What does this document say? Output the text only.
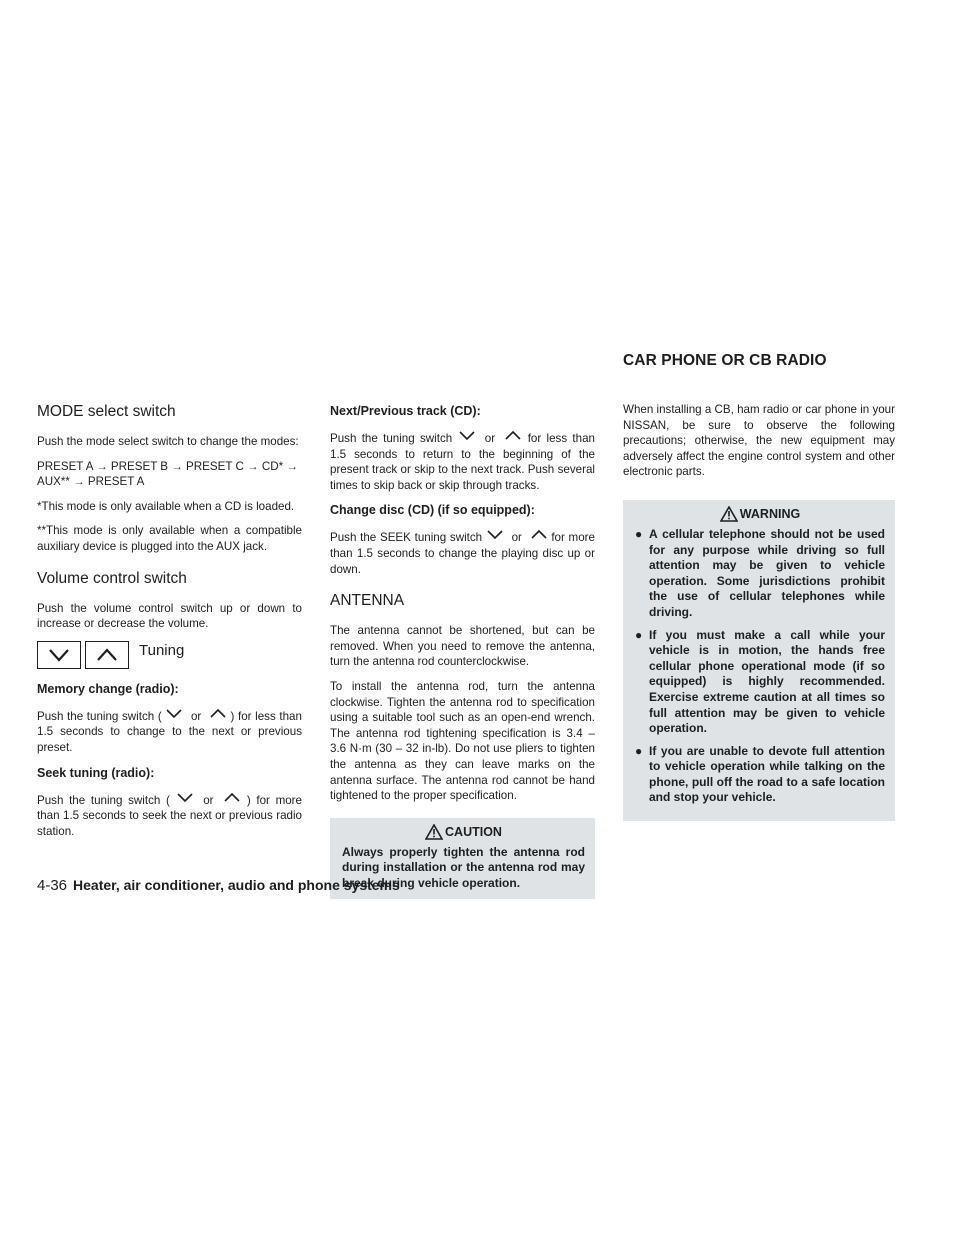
CAR PHONE OR CB RADIO
MODE select switch

Push the mode select switch to change the modes:

PRESET A → PRESET B → PRESET C → CD* → AUX** → PRESET A

*This mode is only available when a CD is loaded.

**This mode is only available when a compatible auxiliary device is plugged into the AUX jack.

Volume control switch

Push the volume control switch up or down to increase or decrease the volume.

Tuning
Memory change (radio):

Push the tuning switch (	or	) for less than 1.5 seconds to change to the next or previous preset.

Seek tuning (radio):

Push the tuning switch (	or	) for more than 1.5 seconds to seek the next or previous radio station.

Next/Previous track (CD):

Push the tuning switch	or	for less than 1.5 seconds to return to the beginning of the present track or skip to the next track. Push several times to skip back or skip through tracks.

Change disc (CD) (if so equipped):

Push the SEEK tuning switch	or	for more than 1.5 seconds to change the playing disc up or down.

ANTENNA

The antenna cannot be shortened, but can be removed. When you need to remove the antenna, turn the antenna rod counterclockwise.

To install the antenna rod, turn the antenna clockwise. Tighten the antenna rod to specification using a suitable tool such as an open-end wrench. The antenna rod tightening specification is 3.4 – 3.6 N·m (30 – 32 in-lb). Do not use pliers to tighten the antenna as they can leave marks on the antenna surface. The antenna rod cannot be hand tightened to the proper specification.

CAUTION

Always properly tighten the antenna rod during installation or the antenna rod may break during vehicle operation.

When installing a CB, ham radio or car phone in your NISSAN, be sure to observe the following precautions; otherwise, the new equipment may adversely affect the engine control system and other electronic parts.

WARNING
● A cellular telephone should not be used for any purpose while driving so full attention may be given to vehicle operation. Some jurisdictions prohibit the use of cellular telephones while driving.
● If you must make a call while your vehicle is in motion, the hands free cellular phone operational mode (if so equipped) is highly recommended. Exercise extreme caution at all times so full attention may be given to vehicle operation.
● If you are unable to devote full attention to vehicle operation while talking on the phone, pull off the road to a safe location and stop your vehicle.
4-36 Heater, air conditioner, audio and phone systems
